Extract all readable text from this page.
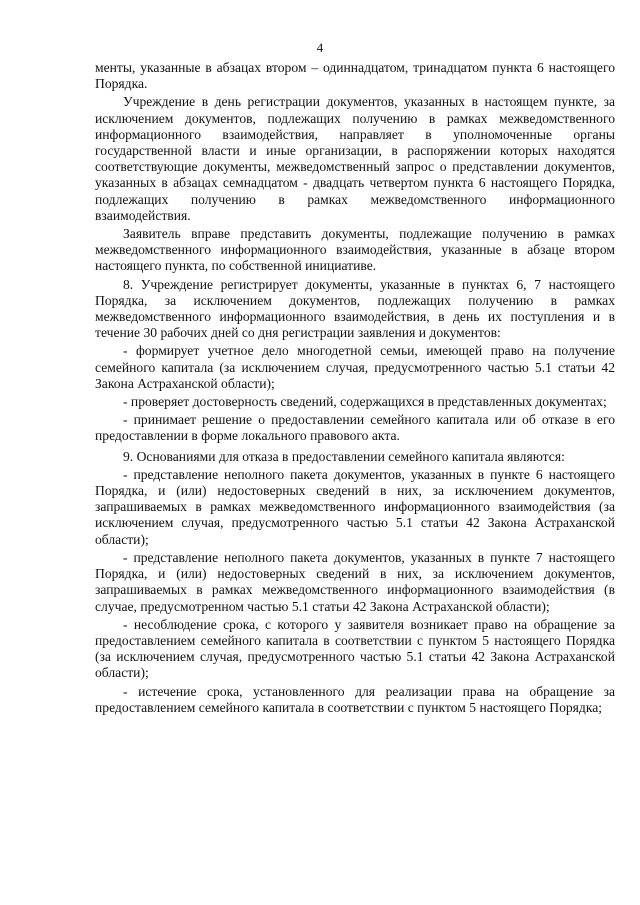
4

менты, указанные в абзацах втором – одиннадцатом, тринадцатом пункта 6 настоящего Порядка.

Учреждение в день регистрации документов, указанных в настоящем пункте, за исключением документов, подлежащих получению в рамках межведомственного информационного взаимодействия, направляет в уполномоченные органы государственной власти и иные организации, в распоряжении которых находятся соответствующие документы, межведомственный запрос о представлении документов, указанных в абзацах семнадцатом - двадцать четвертом пункта 6 настоящего Порядка, подлежащих получению в рамках межведомственного информационного взаимодействия.

Заявитель вправе представить документы, подлежащие получению в рамках межведомственного информационного взаимодействия, указанные в абзаце втором настоящего пункта, по собственной инициативе.

8. Учреждение регистрирует документы, указанные в пунктах 6, 7 настоящего Порядка, за исключением документов, подлежащих получению в рамках межведомственного информационного взаимодействия, в день их поступления и в течение 30 рабочих дней со дня регистрации заявления и документов:

- формирует учетное дело многодетной семьи, имеющей право на получение семейного капитала (за исключением случая, предусмотренного частью 5.1 статьи 42 Закона Астраханской области);

- проверяет достоверность сведений, содержащихся в представленных документах;

- принимает решение о предоставлении семейного капитала или об отказе в его предоставлении в форме локального правового акта.

9. Основаниями для отказа в предоставлении семейного капитала являются:

- представление неполного пакета документов, указанных в пункте 6 настоящего Порядка, и (или) недостоверных сведений в них, за исключением документов, запрашиваемых в рамках межведомственного информационного взаимодействия (за исключением случая, предусмотренного частью 5.1 статьи 42 Закона Астраханской области);

- представление неполного пакета документов, указанных в пункте 7 настоящего Порядка, и (или) недостоверных сведений в них, за исключением документов, запрашиваемых в рамках межведомственного информационного взаимодействия (в случае, предусмотренном частью 5.1 статьи 42 Закона Астраханской области);

- несоблюдение срока, с которого у заявителя возникает право на обращение за предоставлением семейного капитала в соответствии с пунктом 5 настоящего Порядка (за исключением случая, предусмотренного частью 5.1 статьи 42 Закона Астраханской области);

- истечение срока, установленного для реализации права на обращение за предоставлением семейного капитала в соответствии с пунктом 5 настоящего Порядка;
